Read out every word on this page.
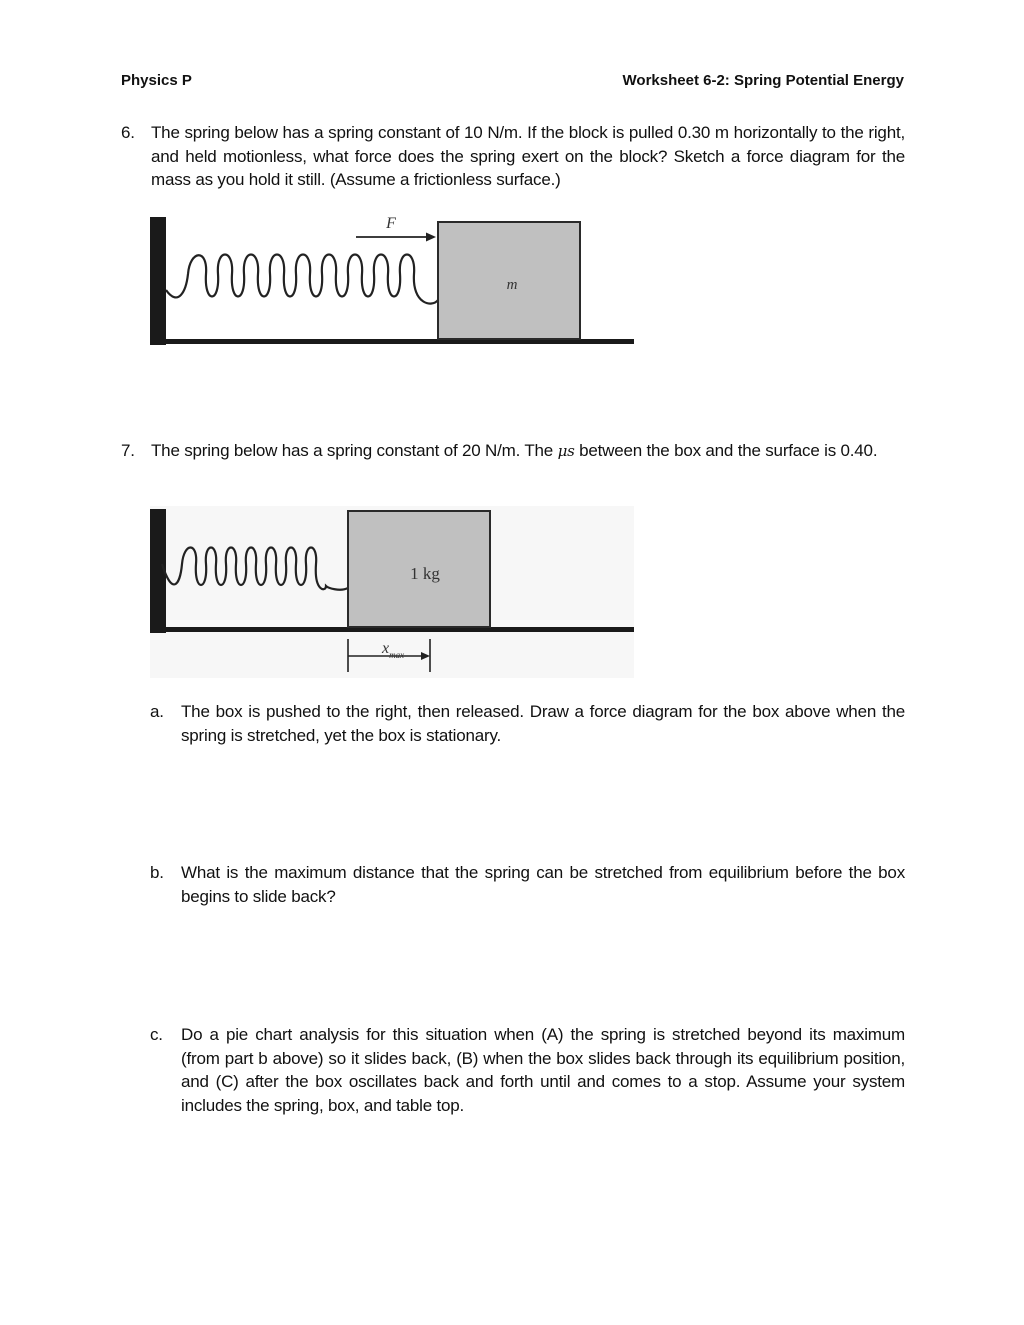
Physics P	Worksheet 6-2: Spring Potential Energy
6. The spring below has a spring constant of 10 N/m. If the block is pulled 0.30 m horizontally to the right, and held motionless, what force does the spring exert on the block? Sketch a force diagram for the mass as you hold it still. (Assume a frictionless surface.)
m
F
7. The spring below has a spring constant of 20 N/m. The μs between the box and the surface is 0.40.
1 kg
$x_{max}$
a. The box is pushed to the right, then released. Draw a force diagram for the box above when the spring is stretched, yet the box is stationary.
b. What is the maximum distance that the spring can be stretched from equilibrium before the box begins to slide back?
c. Do a pie chart analysis for this situation when (A) the spring is stretched beyond its maximum (from part b above) so it slides back, (B) when the box slides back through its equilibrium position, and (C) after the box oscillates back and forth until and comes to a stop. Assume your system includes the spring, box, and table top.
